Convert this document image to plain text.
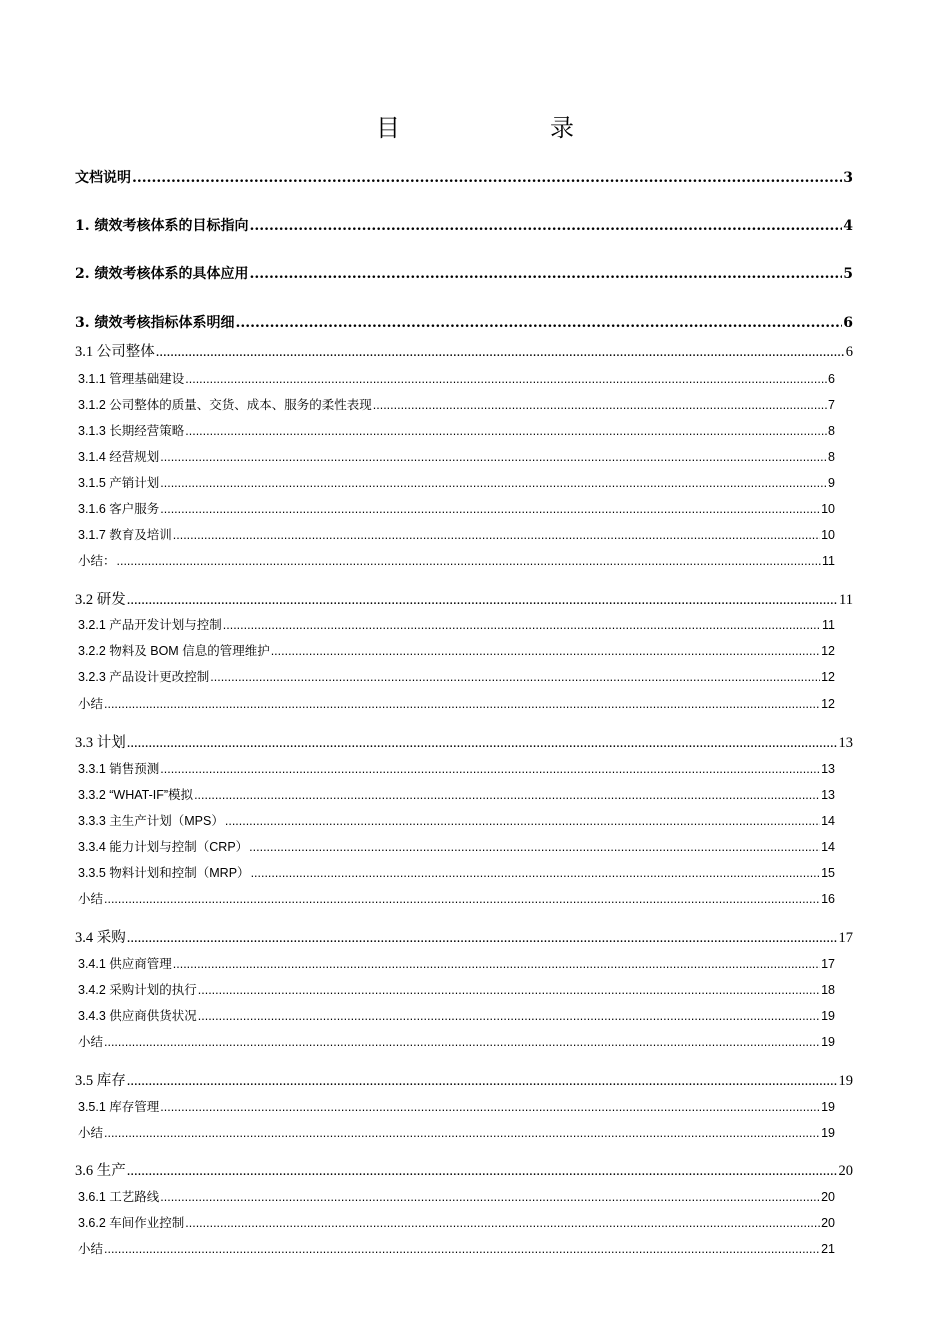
目	录
文档说明 .....	3
1. 绩效考核体系的目标指向 .....	4
2. 绩效考核体系的具体应用 .....	5
3. 绩效考核指标体系明细 .....	6
3.1 公司整体 .....	6
3.1.1 管理基础建设 .....	6
3.1.2 公司整体的质量、交货、成本、服务的柔性表现 .....	7
3.1.3 长期经营策略 .....	8
3.1.4 经营规划 .....	8
3.1.5 产销计划 .....	9
3.1.6 客户服务 .....	10
3.1.7 教育及培训 .....	10
小结： .....	11
3.2 研发 .....	11
3.2.1 产品开发计划与控制 .....	11
3.2.2 物料及 BOM 信息的管理维护 .....	12
3.2.3 产品设计更改控制 .....	12
小结 .....	12
3.3 计划 .....	13
3.3.1 销售预测 .....	13
3.3.2 “WHAT-IF”模拟 .....	13
3.3.3 主生产计划（MPS） .....	14
3.3.4 能力计划与控制（CRP） .....	14
3.3.5 物料计划和控制（MRP） .....	15
小结 .....	16
3.4 采购 .....	17
3.4.1 供应商管理 .....	17
3.4.2 采购计划的执行 .....	18
3.4.3 供应商供货状况 .....	19
小结 .....	19
3.5 库存 .....	19
3.5.1 库存管理 .....	19
小结 .....	19
3.6 生产 .....	20
3.6.1 工艺路线 .....	20
3.6.2 车间作业控制 .....	20
小结 .....	21
